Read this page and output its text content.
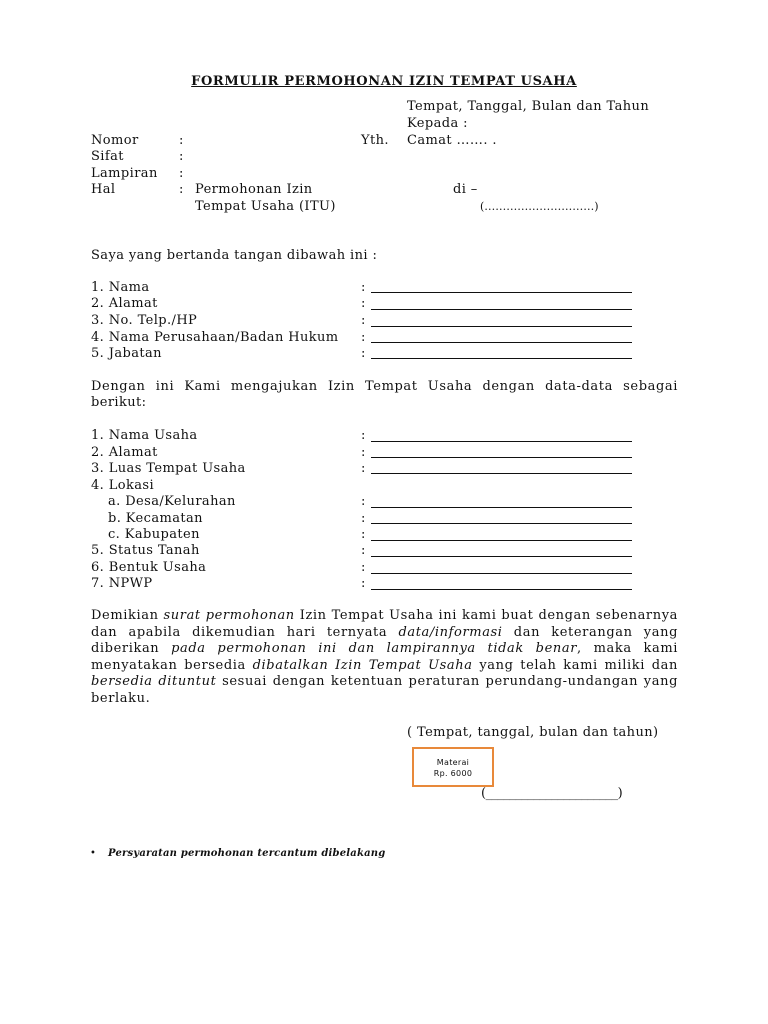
FORMULIR PERMOHONAN IZIN TEMPAT USAHA
Tempat, Tanggal, Bulan dan Tahun
Kepada :
Yth. Camat ……. .
Nomor	:
Sifat	:
Lampiran :
Hal	: Permohonan Izin
Tempat Usaha (ITU)
di –
(…………………………)
Saya yang bertanda tangan dibawah ini :
1. Nama	:
2. Alamat	:
3. No. Telp./HP	:
4. Nama Perusahaan/Badan Hukum :
5. Jabatan	:
Dengan ini Kami mengajukan Izin Tempat Usaha dengan data-data sebagai
berikut:
1. Nama Usaha	:
2. Alamat	:
3. Luas Tempat Usaha	:
4. Lokasi
a. Desa/Kelurahan	:
b. Kecamatan	:
c. Kabupaten	:
5. Status Tanah	:
6. Bentuk Usaha	:
7. NPWP	:
Demikian surat permohonan Izin Tempat Usaha ini kami buat dengan sebenarnya dan apabila dikemudian hari ternyata data/informasi dan keterangan yang diberikan pada permohonan ini dan lampirannya tidak benar, maka kami menyatakan bersedia dibatalkan Izin Tempat Usaha yang telah kami miliki dan bersedia dituntut sesuai dengan ketentuan peraturan perundang-undangan yang berlaku.
( Tempat, tanggal, bulan dan tahun)
Materai
Rp. 6000
(______________________)
• Persyaratan permohonan tercantum dibelakang
